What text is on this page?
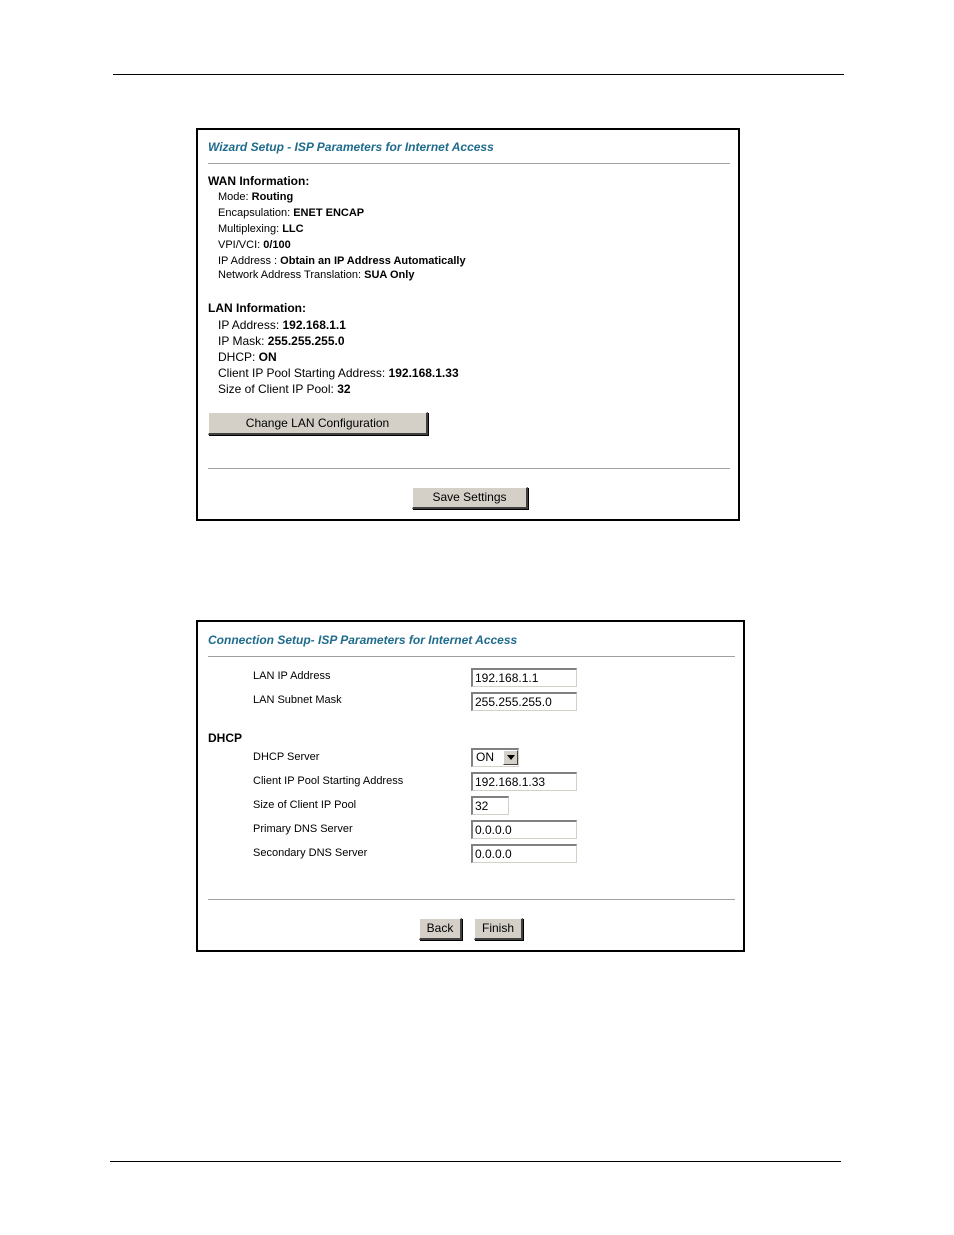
Wizard Setup - ISP Parameters for Internet Access
WAN Information:
Mode: Routing
Encapsulation: ENET ENCAP
Multiplexing: LLC
VPI/VCI: 0/100
IP Address : Obtain an IP Address Automatically
Network Address Translation: SUA Only
LAN Information:
IP Address: 192.168.1.1
IP Mask: 255.255.255.0
DHCP: ON
Client IP Pool Starting Address: 192.168.1.33
Size of Client IP Pool: 32
Change LAN Configuration
Save Settings
Connection Setup- ISP Parameters for Internet Access
LAN IP Address
192.168.1.1
LAN Subnet Mask
255.255.255.0
DHCP
DHCP Server	ON
Client IP Pool Starting Address
192.168.1.33
Size of Client IP Pool
32
Primary DNS Server
0.0.0.0
Secondary DNS Server
0.0.0.0
Back	Finish
